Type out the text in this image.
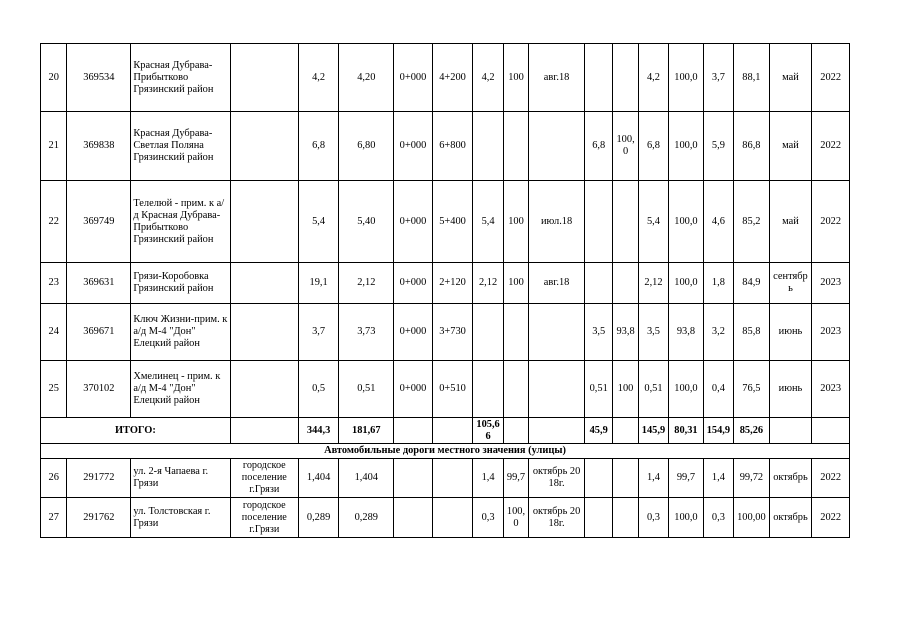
20	369534	Красная Дубрава-Прибытково Грязинский район		4,2	4,20	0+000	4+200	4,2	100	авг.18			4,2	100,0	3,7	88,1	май	2022
21	369838	Красная Дубрава-Светлая Поляна Грязинский район		6,8	6,80	0+000	6+800				6,8	100,0	6,8	100,0	5,9	86,8	май	2022
22	369749	Телелюй - прим. к а/д Красная Дубрава-Прибытково Грязинский район		5,4	5,40	0+000	5+400	5,4	100	июл.18			5,4	100,0	4,6	85,2	май	2022
23	369631	Грязи-Коробовка Грязинский район		19,1	2,12	0+000	2+120	2,12	100	авг.18			2,12	100,0	1,8	84,9	сентябрь	2023
24	369671	Ключ Жизни-прим. к а/д М-4 "Дон" Елецкий район		3,7	3,73	0+000	3+730				3,5	93,8	3,5	93,8	3,2	85,8	июнь	2023
25	370102	Хмелинец - прим. к а/д М-4 "Дон" Елецкий район		0,5	0,51	0+000	0+510				0,51	100	0,51	100,0	0,4	76,5	июнь	2023
ИТОГО:				344,3	181,67			105,66			45,9		145,9	80,31	154,9	85,26		
Автомобильные дороги местного значения (улицы)																		
26	291772	ул. 2-я Чапаева г. Грязи	городское поселение г.Грязи	1,404	1,404			1,4	99,7	октябрь 2018г.			1,4	99,7	1,4	99,72	октябрь	2022
27	291762	ул. Толстовская г. Грязи	городское поселение г.Грязи	0,289	0,289			0,3	100,0	октябрь 2018г.			0,3	100,0	0,3	100,00	октябрь	2022
